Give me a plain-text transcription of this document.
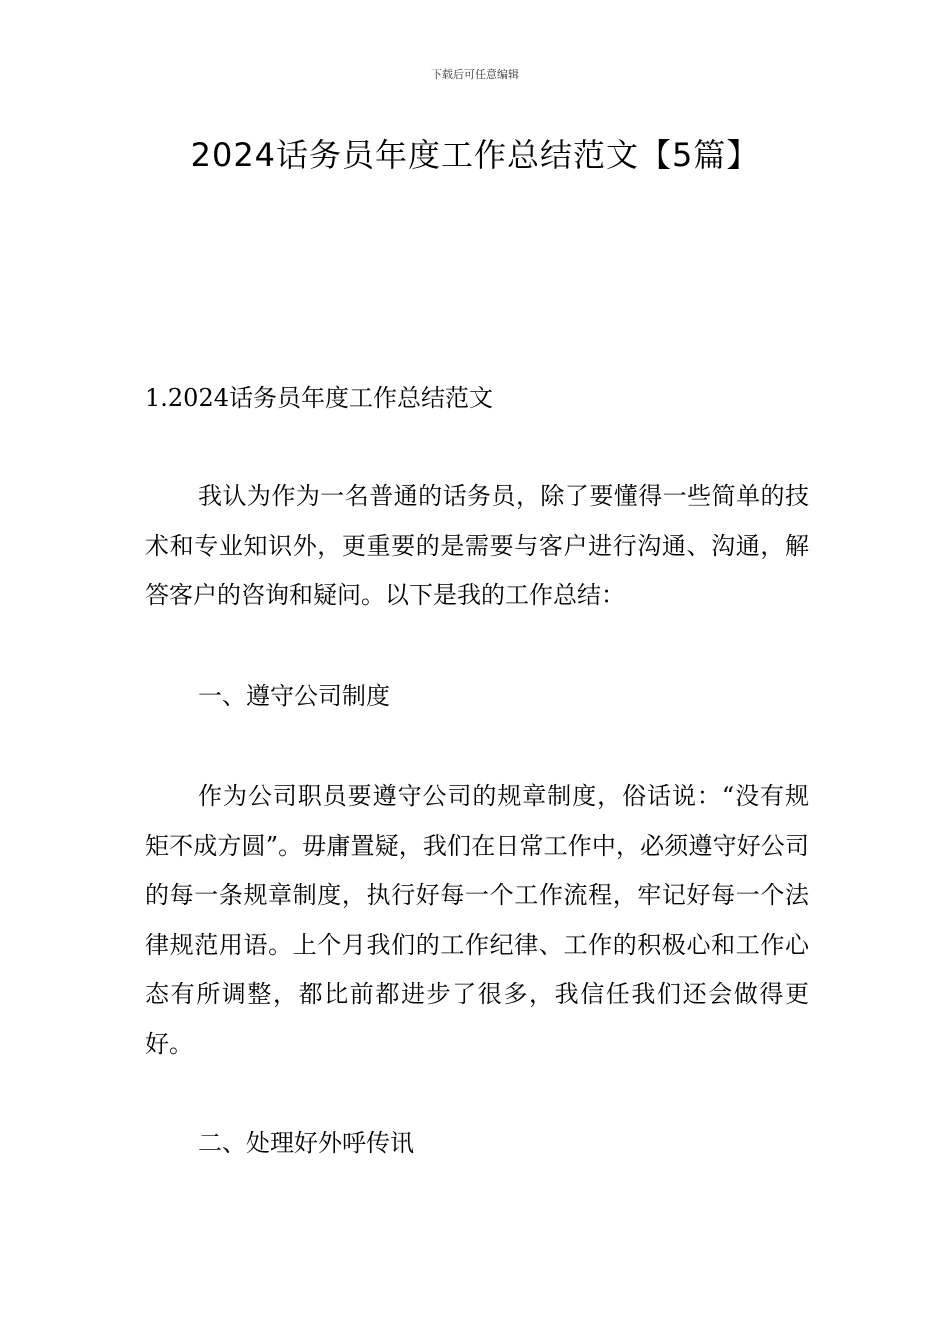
下载后可任意编辑
2024话务员年度工作总结范文【5篇】

1.2024话务员年度工作总结范文

我认为作为一名普通的话务员，除了要懂得一些简单的技术和专业知识外，更重要的是需要与客户进行沟通、沟通，解答客户的咨询和疑问。以下是我的工作总结：

一、遵守公司制度

作为公司职员要遵守公司的规章制度，俗话说：“没有规矩不成方圆”。毋庸置疑，我们在日常工作中，必须遵守好公司的每一条规章制度，执行好每一个工作流程，牢记好每一个法律规范用语。上个月我们的工作纪律、工作的积极心和工作心态有所调整，都比前都进步了很多，我信任我们还会做得更好。

二、处理好外呼传讯
